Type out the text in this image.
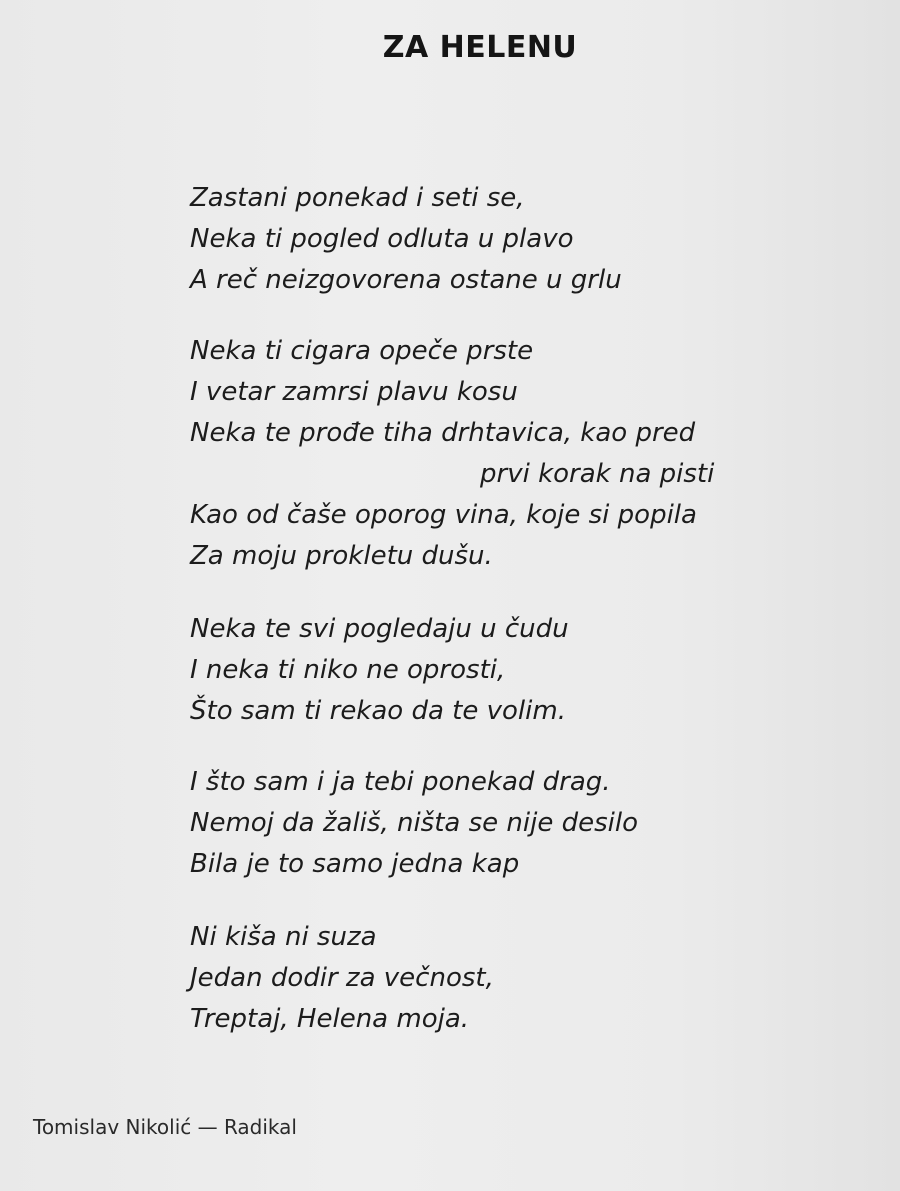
ZA HELENU
Zastani ponekad i seti se,
Neka ti pogled odluta u plavo
A reč neizgovorena ostane u grlu
Neka ti cigara opeče prste
I vetar zamrsi plavu kosu
Neka te prođe tiha drhtavica, kao pred
prvi korak na pisti
Kao od čaše oporog vina, koje si popila
Za moju prokletu dušu.
Neka te svi pogledaju u čudu
I neka ti niko ne oprosti,
Što sam ti rekao da te volim.
I što sam i ja tebi ponekad drag.
Nemoj da žališ, ništa se nije desilo
Bila je to samo jedna kap
Ni kiša ni suza
Jedan dodir za večnost,
Treptaj, Helena moja.
Tomislav Nikolić — Radikal
